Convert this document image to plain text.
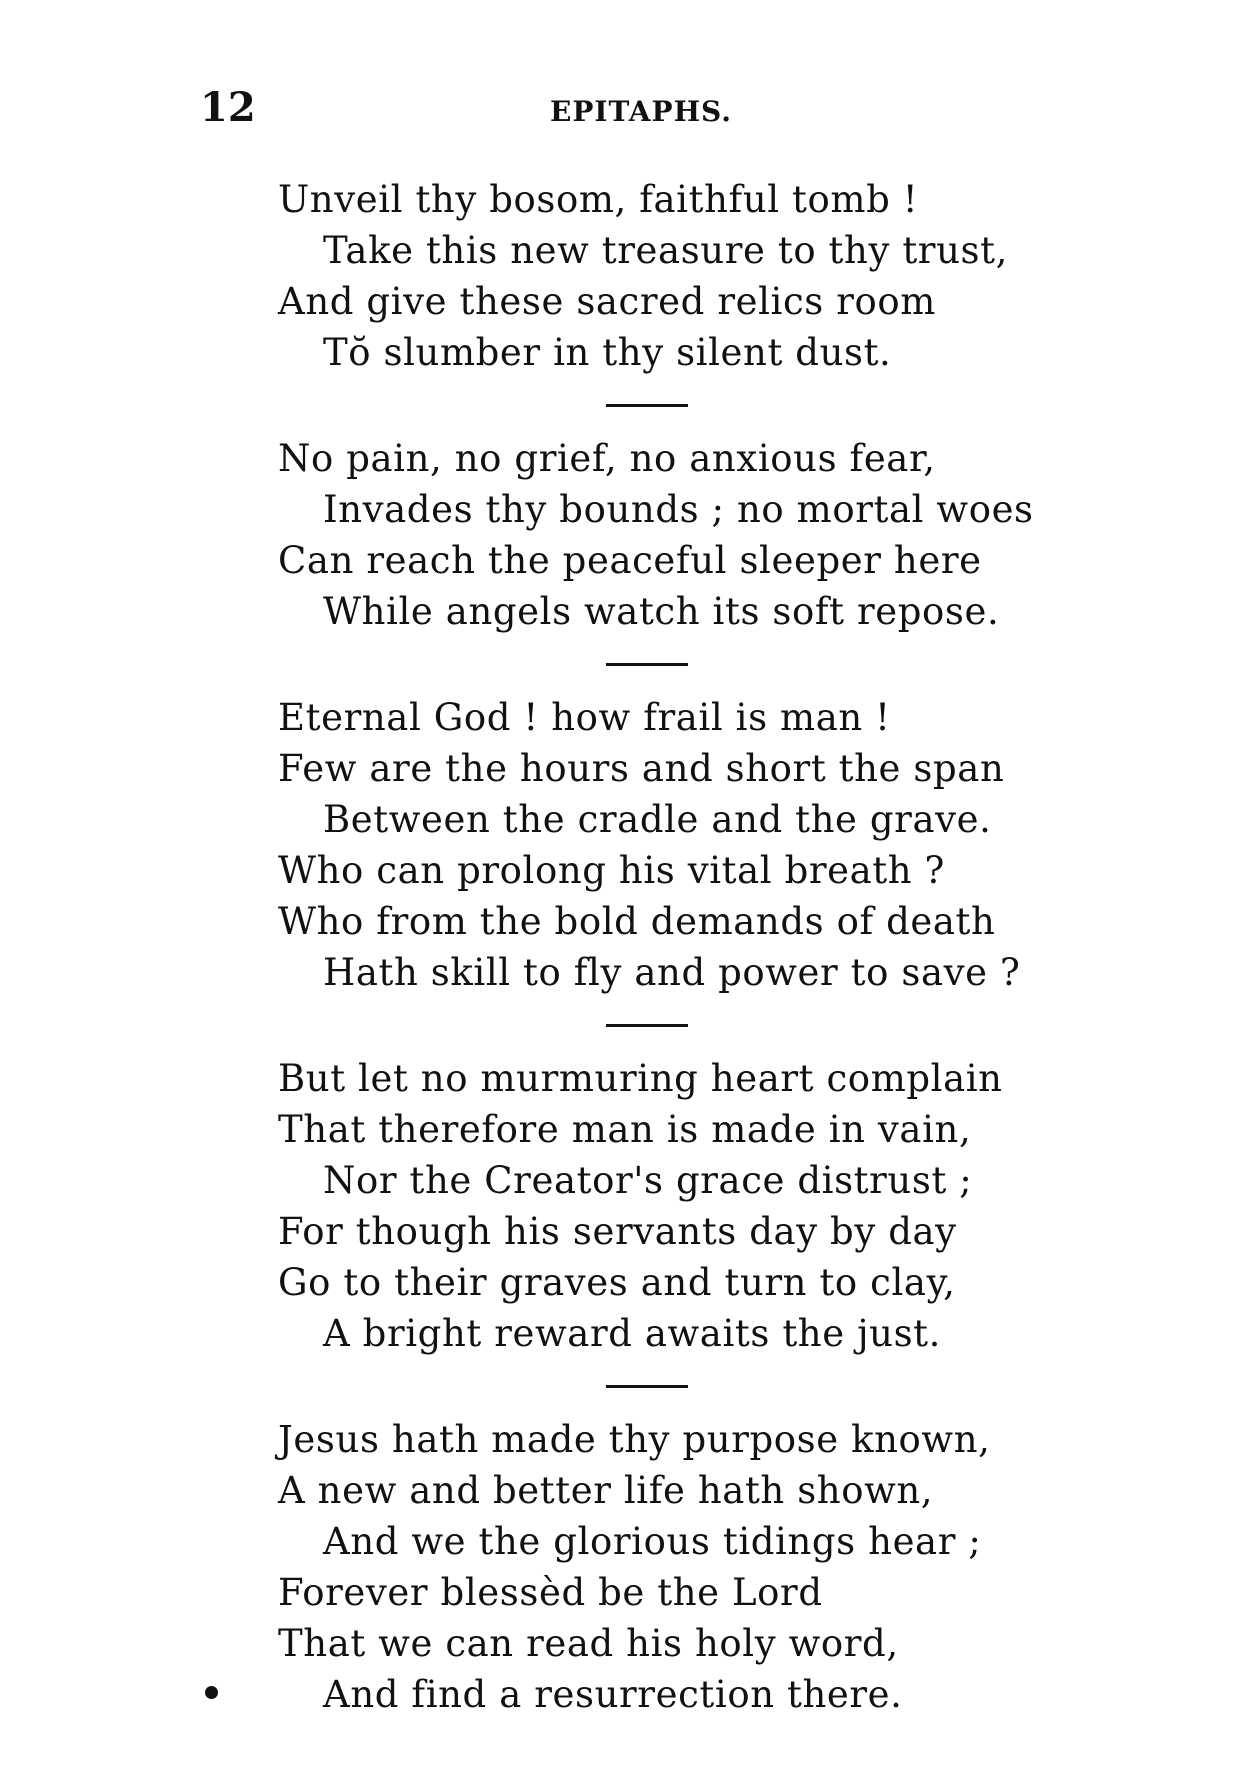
12	EPITAPHS.
Unveil thy bosom, faithful tomb !
Take this new treasure to thy trust,
And give these sacred relics room
Tŏ slumber in thy silent dust.
No pain, no grief, no anxious fear,
Invades thy bounds ; no mortal woes
Can reach the peaceful sleeper here
While angels watch its soft repose.
Eternal God ! how frail is man !
Few are the hours and short the span
Between the cradle and the grave.
Who can prolong his vital breath ?
Who from the bold demands of death
Hath skill to fly and power to save ?
But let no murmuring heart complain
That therefore man is made in vain,
Nor the Creator's grace distrust ;
For though his servants day by day
Go to their graves and turn to clay,
A bright reward awaits the just.
Jesus hath made thy purpose known,
A new and better life hath shown,
And we the glorious tidings hear ;
Forever blessèd be the Lord
That we can read his holy word,
And find a resurrection there.
